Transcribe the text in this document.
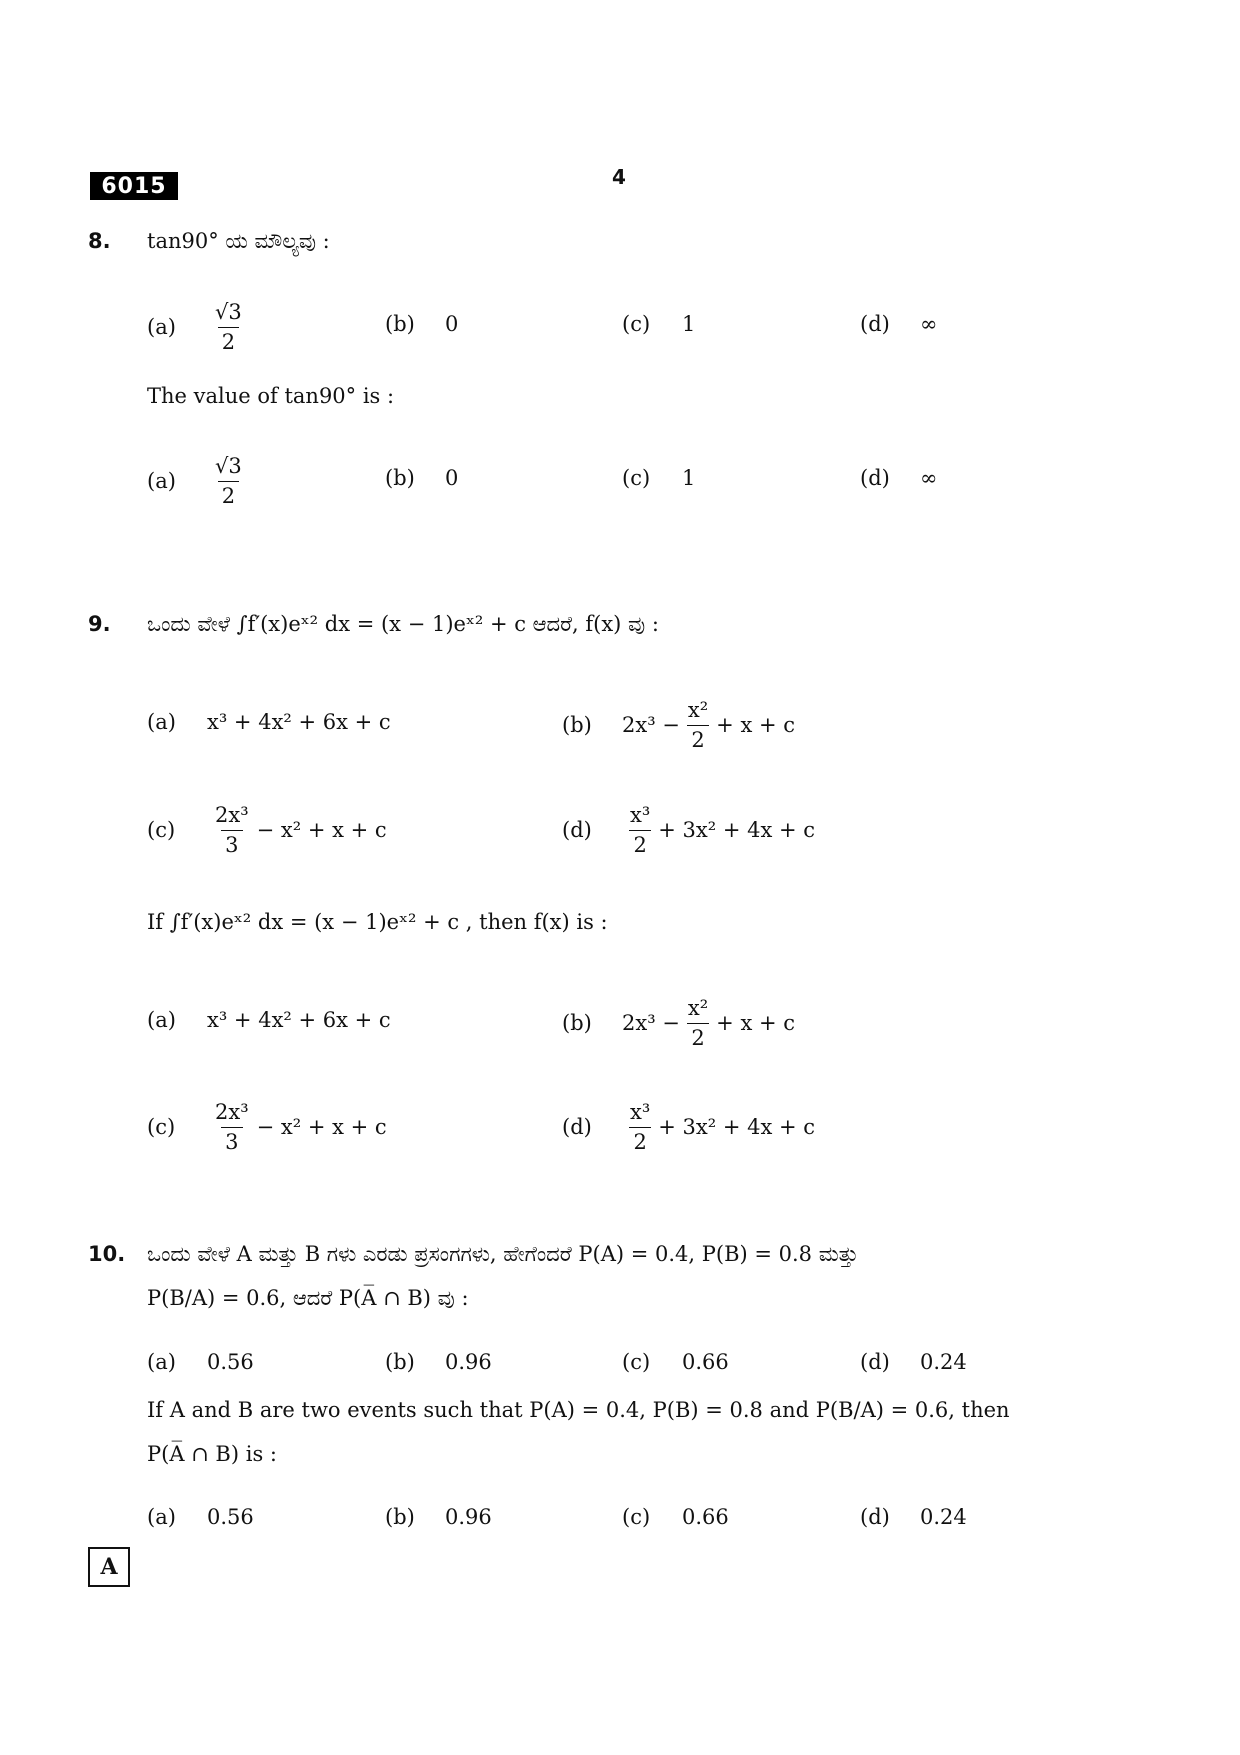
6015	4
8. tan90° ಯ ಮೌಲ್ಯವು :
(a)	$\frac{√3}{2}$	(b)	0	(c)	1	(d)	∞
The value of tan90° is :
(a)	$\frac{√3}{2}$	(b)	0	(c)	1	(d)	∞
9. ಒಂದು ವೇಳೆ ∫f′(x)eˣ² dx = (x − 1)eˣ² + c ಆದರೆ, f(x) ವು :
(a)	x³ + 4x² + 6x + c	(b)	$2x^3 - \frac{\text{x²}}{2} + x + c$
(c)	$\frac{\text{2x³}}{3} - x^2 + x + c$	(d)	$\frac{\text{x³}}{2} + 3x^2 + 4x + c$
If ∫f′(x)eˣ² dx = (x − 1)eˣ² + c , then f(x) is :
(a)	x³ + 4x² + 6x + c	(b)	$2x^3 - \frac{\text{x²}}{2} + x + c$
(c)	$\frac{\text{2x³}}{3} - x^2 + x + c$	(d)	$\frac{\text{x³}}{2} + 3x^2 + 4x + c$
10. ಒಂದು ವೇಳೆ A ಮತ್ತು B ಗಳು ಎರಡು ಪ್ರಸಂಗಗಳು, ಹೇಗೆಂದರೆ P(A) = 0.4, P(B) = 0.8 ಮತ್ತು
P(B/A) = 0.6, ಆದರೆ P(A̅ ∩ B) ವು :
(a)	0.56	(b)	0.96	(c)	0.66	(d)	0.24
If A and B are two events such that P(A) = 0.4, P(B) = 0.8 and P(B/A) = 0.6, then
P(A̅ ∩ B) is :
(a)	0.56	(b)	0.96	(c)	0.66	(d)	0.24
A
